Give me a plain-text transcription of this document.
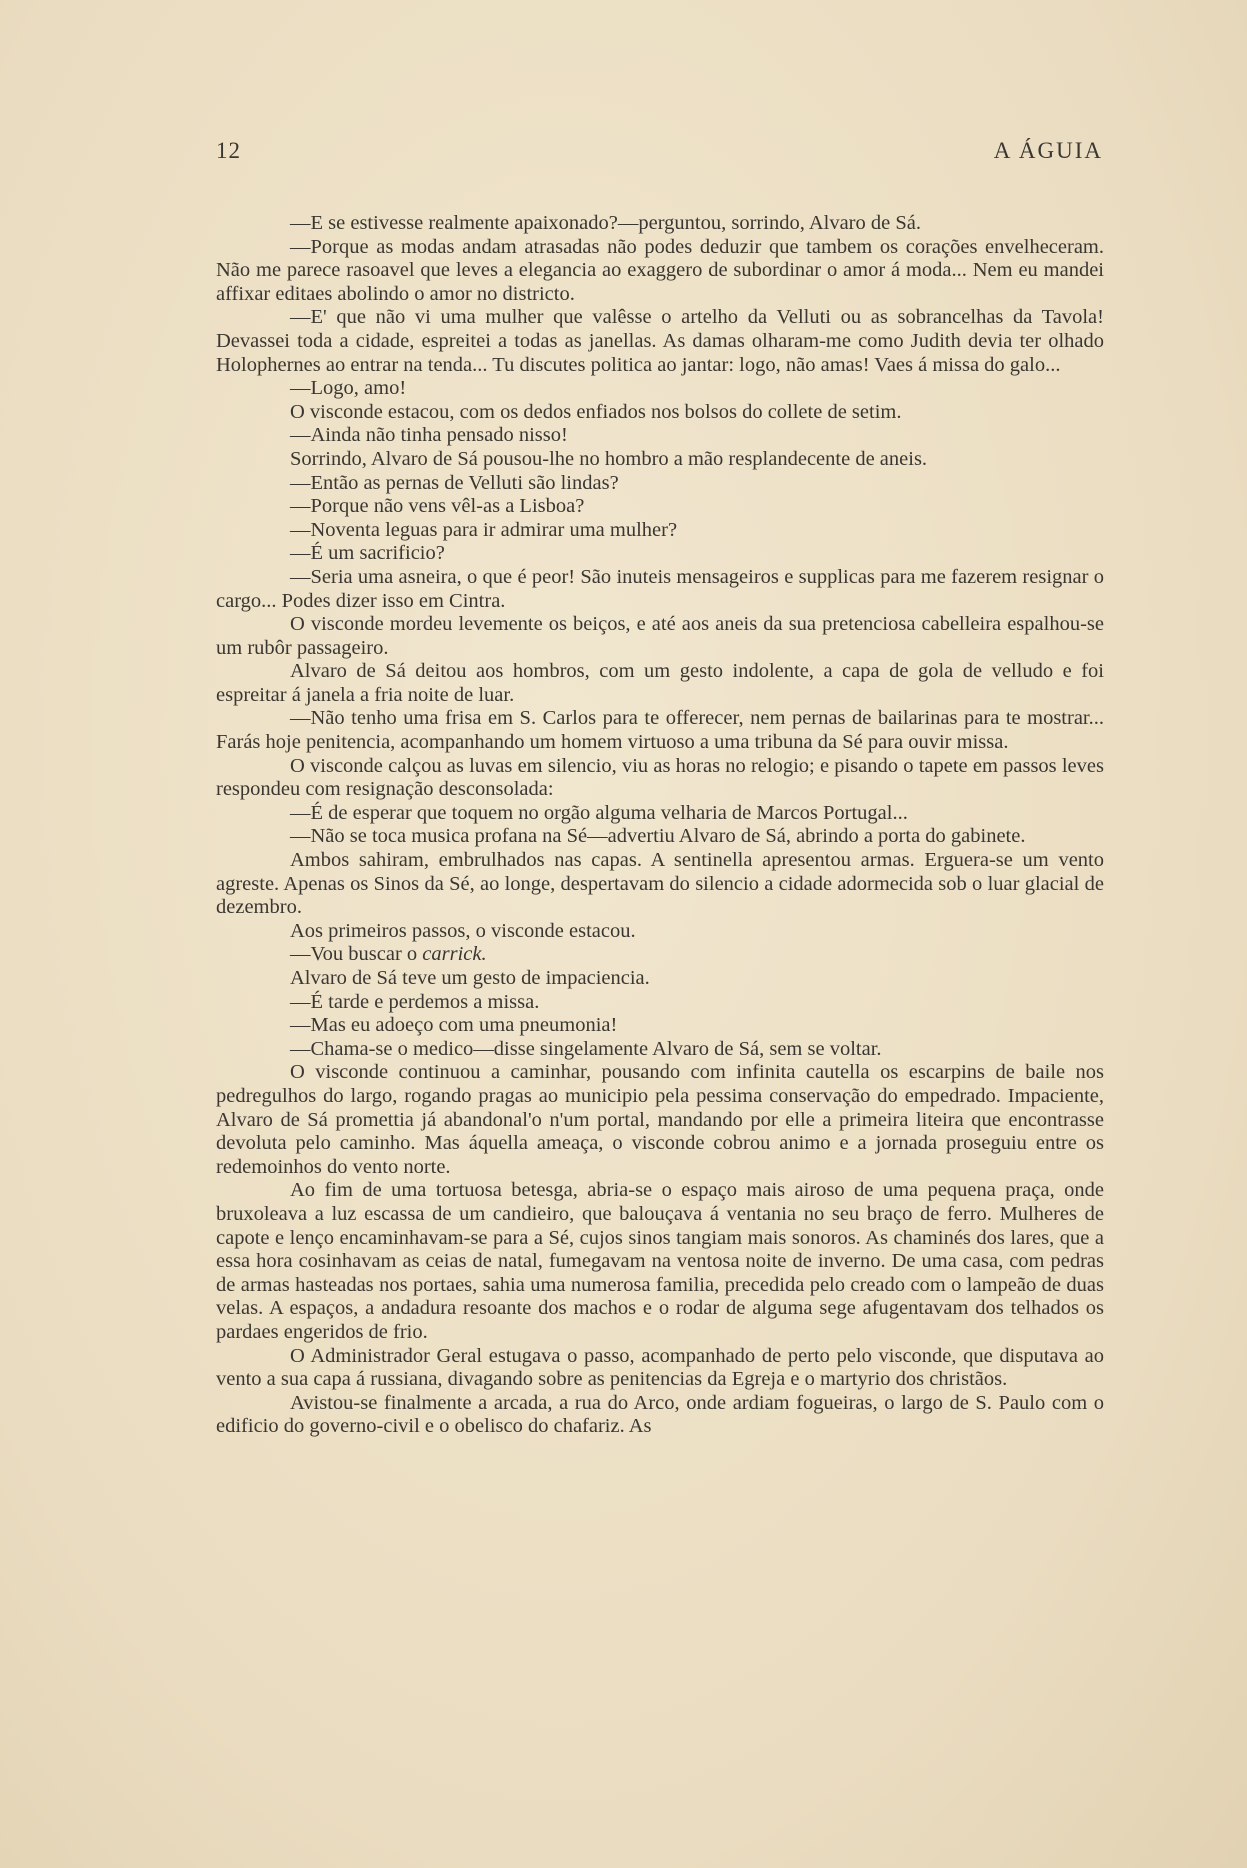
12	A ÁGUIA

—E se estivesse realmente apaixonado?—perguntou, sorrindo, Alvaro de Sá.

—Porque as modas andam atrasadas não podes deduzir que tambem os corações envelheceram. Não me parece rasoavel que leves a elegancia ao exaggero de subordinar o amor á moda... Nem eu mandei affixar editaes abolindo o amor no districto.

—E' que não vi uma mulher que valêsse o artelho da Velluti ou as sobrancelhas da Tavola! Devassei toda a cidade, espreitei a todas as janellas. As damas olharam-me como Judith devia ter olhado Holophernes ao entrar na tenda... Tu discutes politica ao jantar: logo, não amas! Vaes á missa do galo...

—Logo, amo!

O visconde estacou, com os dedos enfiados nos bolsos do collete de setim.

—Ainda não tinha pensado nisso!

Sorrindo, Alvaro de Sá pousou-lhe no hombro a mão resplandecente de aneis.

—Então as pernas de Velluti são lindas?

—Porque não vens vêl-as a Lisboa?

—Noventa leguas para ir admirar uma mulher?

—É um sacrificio?

—Seria uma asneira, o que é peor! São inuteis mensageiros e supplicas para me fazerem resignar o cargo... Podes dizer isso em Cintra.

O visconde mordeu levemente os beiços, e até aos aneis da sua pretenciosa cabelleira espalhou-se um rubôr passageiro.

Alvaro de Sá deitou aos hombros, com um gesto indolente, a capa de gola de velludo e foi espreitar á janela a fria noite de luar.

—Não tenho uma frisa em S. Carlos para te offerecer, nem pernas de bailarinas para te mostrar... Farás hoje penitencia, acompanhando um homem virtuoso a uma tribuna da Sé para ouvir missa.

O visconde calçou as luvas em silencio, viu as horas no relogio; e pisando o tapete em passos leves respondeu com resignação desconsolada:

—É de esperar que toquem no orgão alguma velharia de Marcos Portugal...

—Não se toca musica profana na Sé—advertiu Alvaro de Sá, abrindo a porta do gabinete.

Ambos sahiram, embrulhados nas capas. A sentinella apresentou armas. Erguera-se um vento agreste. Apenas os Sinos da Sé, ao longe, despertavam do silencio a cidade adormecida sob o luar glacial de dezembro.

Aos primeiros passos, o visconde estacou.

—Vou buscar o carrick.

Alvaro de Sá teve um gesto de impaciencia.

—É tarde e perdemos a missa.

—Mas eu adoeço com uma pneumonia!

—Chama-se o medico—disse singelamente Alvaro de Sá, sem se voltar.

O visconde continuou a caminhar, pousando com infinita cautella os escarpins de baile nos pedregulhos do largo, rogando pragas ao municipio pela pessima conservação do empedrado. Impaciente, Alvaro de Sá promettia já abandonal'o n'um portal, mandando por elle a primeira liteira que encontrasse devoluta pelo caminho. Mas áquella ameaça, o visconde cobrou animo e a jornada proseguiu entre os redemoinhos do vento norte.

Ao fim de uma tortuosa betesga, abria-se o espaço mais airoso de uma pequena praça, onde bruxoleava a luz escassa de um candieiro, que balouçava á ventania no seu braço de ferro. Mulheres de capote e lenço encaminhavam-se para a Sé, cujos sinos tangiam mais sonoros. As chaminés dos lares, que a essa hora cosinhavam as ceias de natal, fumegavam na ventosa noite de inverno. De uma casa, com pedras de armas hasteadas nos portaes, sahia uma numerosa familia, precedida pelo creado com o lampeão de duas velas. A espaços, a andadura resoante dos machos e o rodar de alguma sege afugentavam dos telhados os pardaes engeridos de frio.

O Administrador Geral estugava o passo, acompanhado de perto pelo visconde, que disputava ao vento a sua capa á russiana, divagando sobre as penitencias da Egreja e o martyrio dos christãos.

Avistou-se finalmente a arcada, a rua do Arco, onde ardiam fogueiras, o largo de S. Paulo com o edificio do governo-civil e o obelisco do chafariz. As
